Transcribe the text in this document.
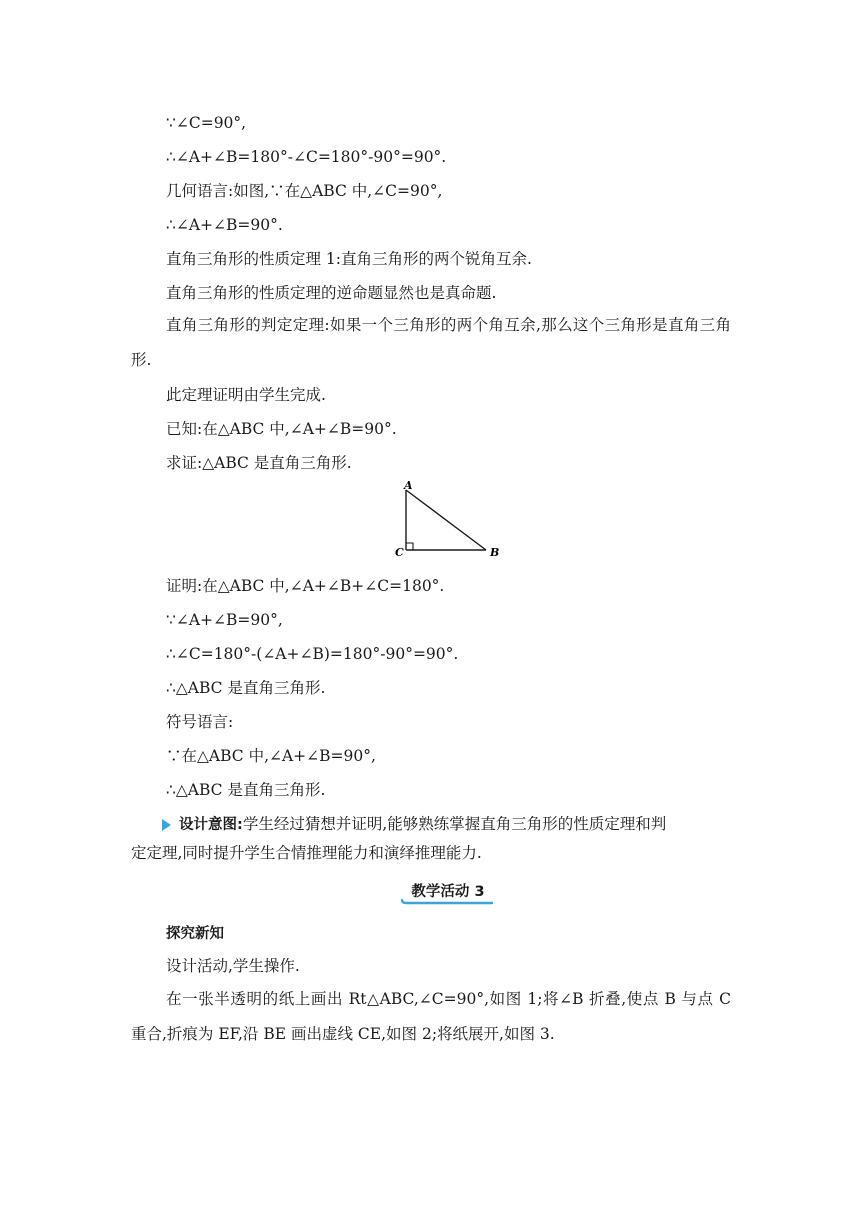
∵∠C=90°,
∴∠A+∠B=180°-∠C=180°-90°=90°.
几何语言:如图,∵在△ABC 中,∠C=90°,
∴∠A+∠B=90°.
直角三角形的性质定理 1:直角三角形的两个锐角互余.
直角三角形的性质定理的逆命题显然也是真命题.
直角三角形的判定定理:如果一个三角形的两个角互余,那么这个三角形是直角三角形.
此定理证明由学生完成.
已知:在△ABC 中,∠A+∠B=90°.
求证:△ABC 是直角三角形.
A
C	B
证明:在△ABC 中,∠A+∠B+∠C=180°.
∵∠A+∠B=90°,
∴∠C=180°-(∠A+∠B)=180°-90°=90°.
∴△ABC 是直角三角形.
符号语言:
∵在△ABC 中,∠A+∠B=90°,
∴△ABC 是直角三角形.
设计意图:学生经过猜想并证明,能够熟练掌握直角三角形的性质定理和判
定定理,同时提升学生合情推理能力和演绎推理能力.
教学活动 3
探究新知
设计活动,学生操作.
在一张半透明的纸上画出 Rt△ABC,∠C=90°,如图 1;将∠B 折叠,使点 B 与点 C 重合,折痕为 EF,沿 BE 画出虚线 CE,如图 2;将纸展开,如图 3.
